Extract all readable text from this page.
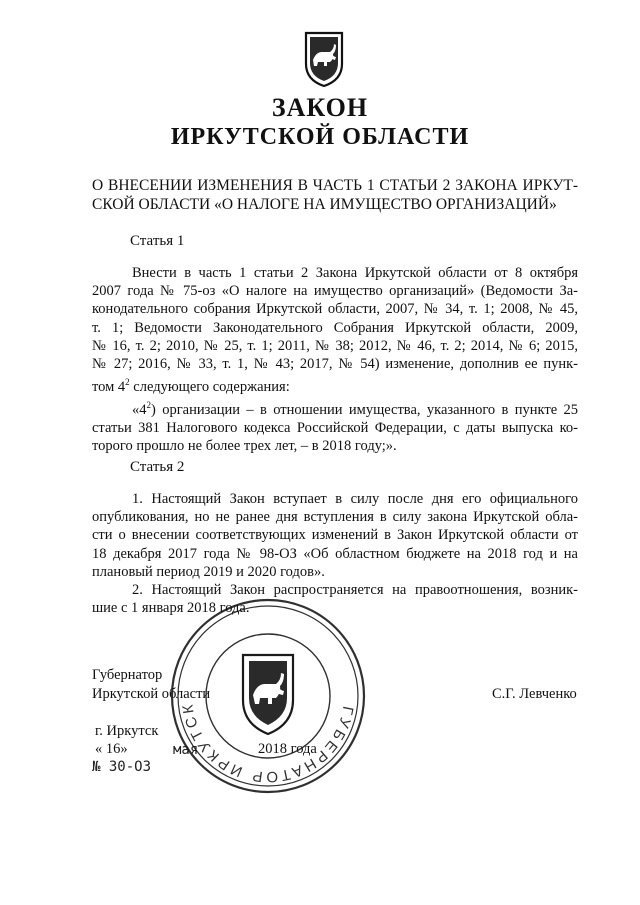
ЗАКОН
ИРКУТСКОЙ ОБЛАСТИ
О ВНЕСЕНИИ ИЗМЕНЕНИЯ В ЧАСТЬ 1 СТАТЬИ 2 ЗАКОНА ИРКУТ-
СКОЙ ОБЛАСТИ «О НАЛОГЕ НА ИМУЩЕСТВО ОРГАНИЗАЦИЙ»
Статья 1
Внести в часть 1 статьи 2 Закона Иркутской области от 8 октября
2007 года № 75-оз «О налоге на имущество организаций» (Ведомости За-
конодательного собрания Иркутской области, 2007, № 34, т. 1; 2008, № 45,
т. 1; Ведомости Законодательного Собрания Иркутской области, 2009,
№ 16, т. 2; 2010, № 25, т. 1; 2011, № 38; 2012, № 46, т. 2; 2014, № 6; 2015,
№ 27; 2016, № 33, т. 1, № 43; 2017, № 54) изменение, дополнив ее пунк-
том $4^2$ следующего содержания:
«$4^2$) организации – в отношении имущества, указанного в пункте 25
статьи 381 Налогового кодекса Российской Федерации, с даты выпуска ко-
торого прошло не более трех лет, – в 2018 году;».
Статья 2
1. Настоящий Закон вступает в силу после дня его официального
опубликования, но не ранее дня вступления в силу закона Иркутской обла-
сти о внесении соответствующих изменений в Закон Иркутской области от
18 декабря 2017 года № 98-ОЗ «Об областном бюджете на 2018 год и на
плановый период 2019 и 2020 годов».
2. Настоящий Закон распространяется на правоотношения, возник-
шие с 1 января 2018 года.
Губернатор
Иркутской области	С.Г. Левченко
г. Иркутск
« 16»	мая	2018 года
№ 30-ОЗ
ГУБЕРНАТОР ИРКУТСК
